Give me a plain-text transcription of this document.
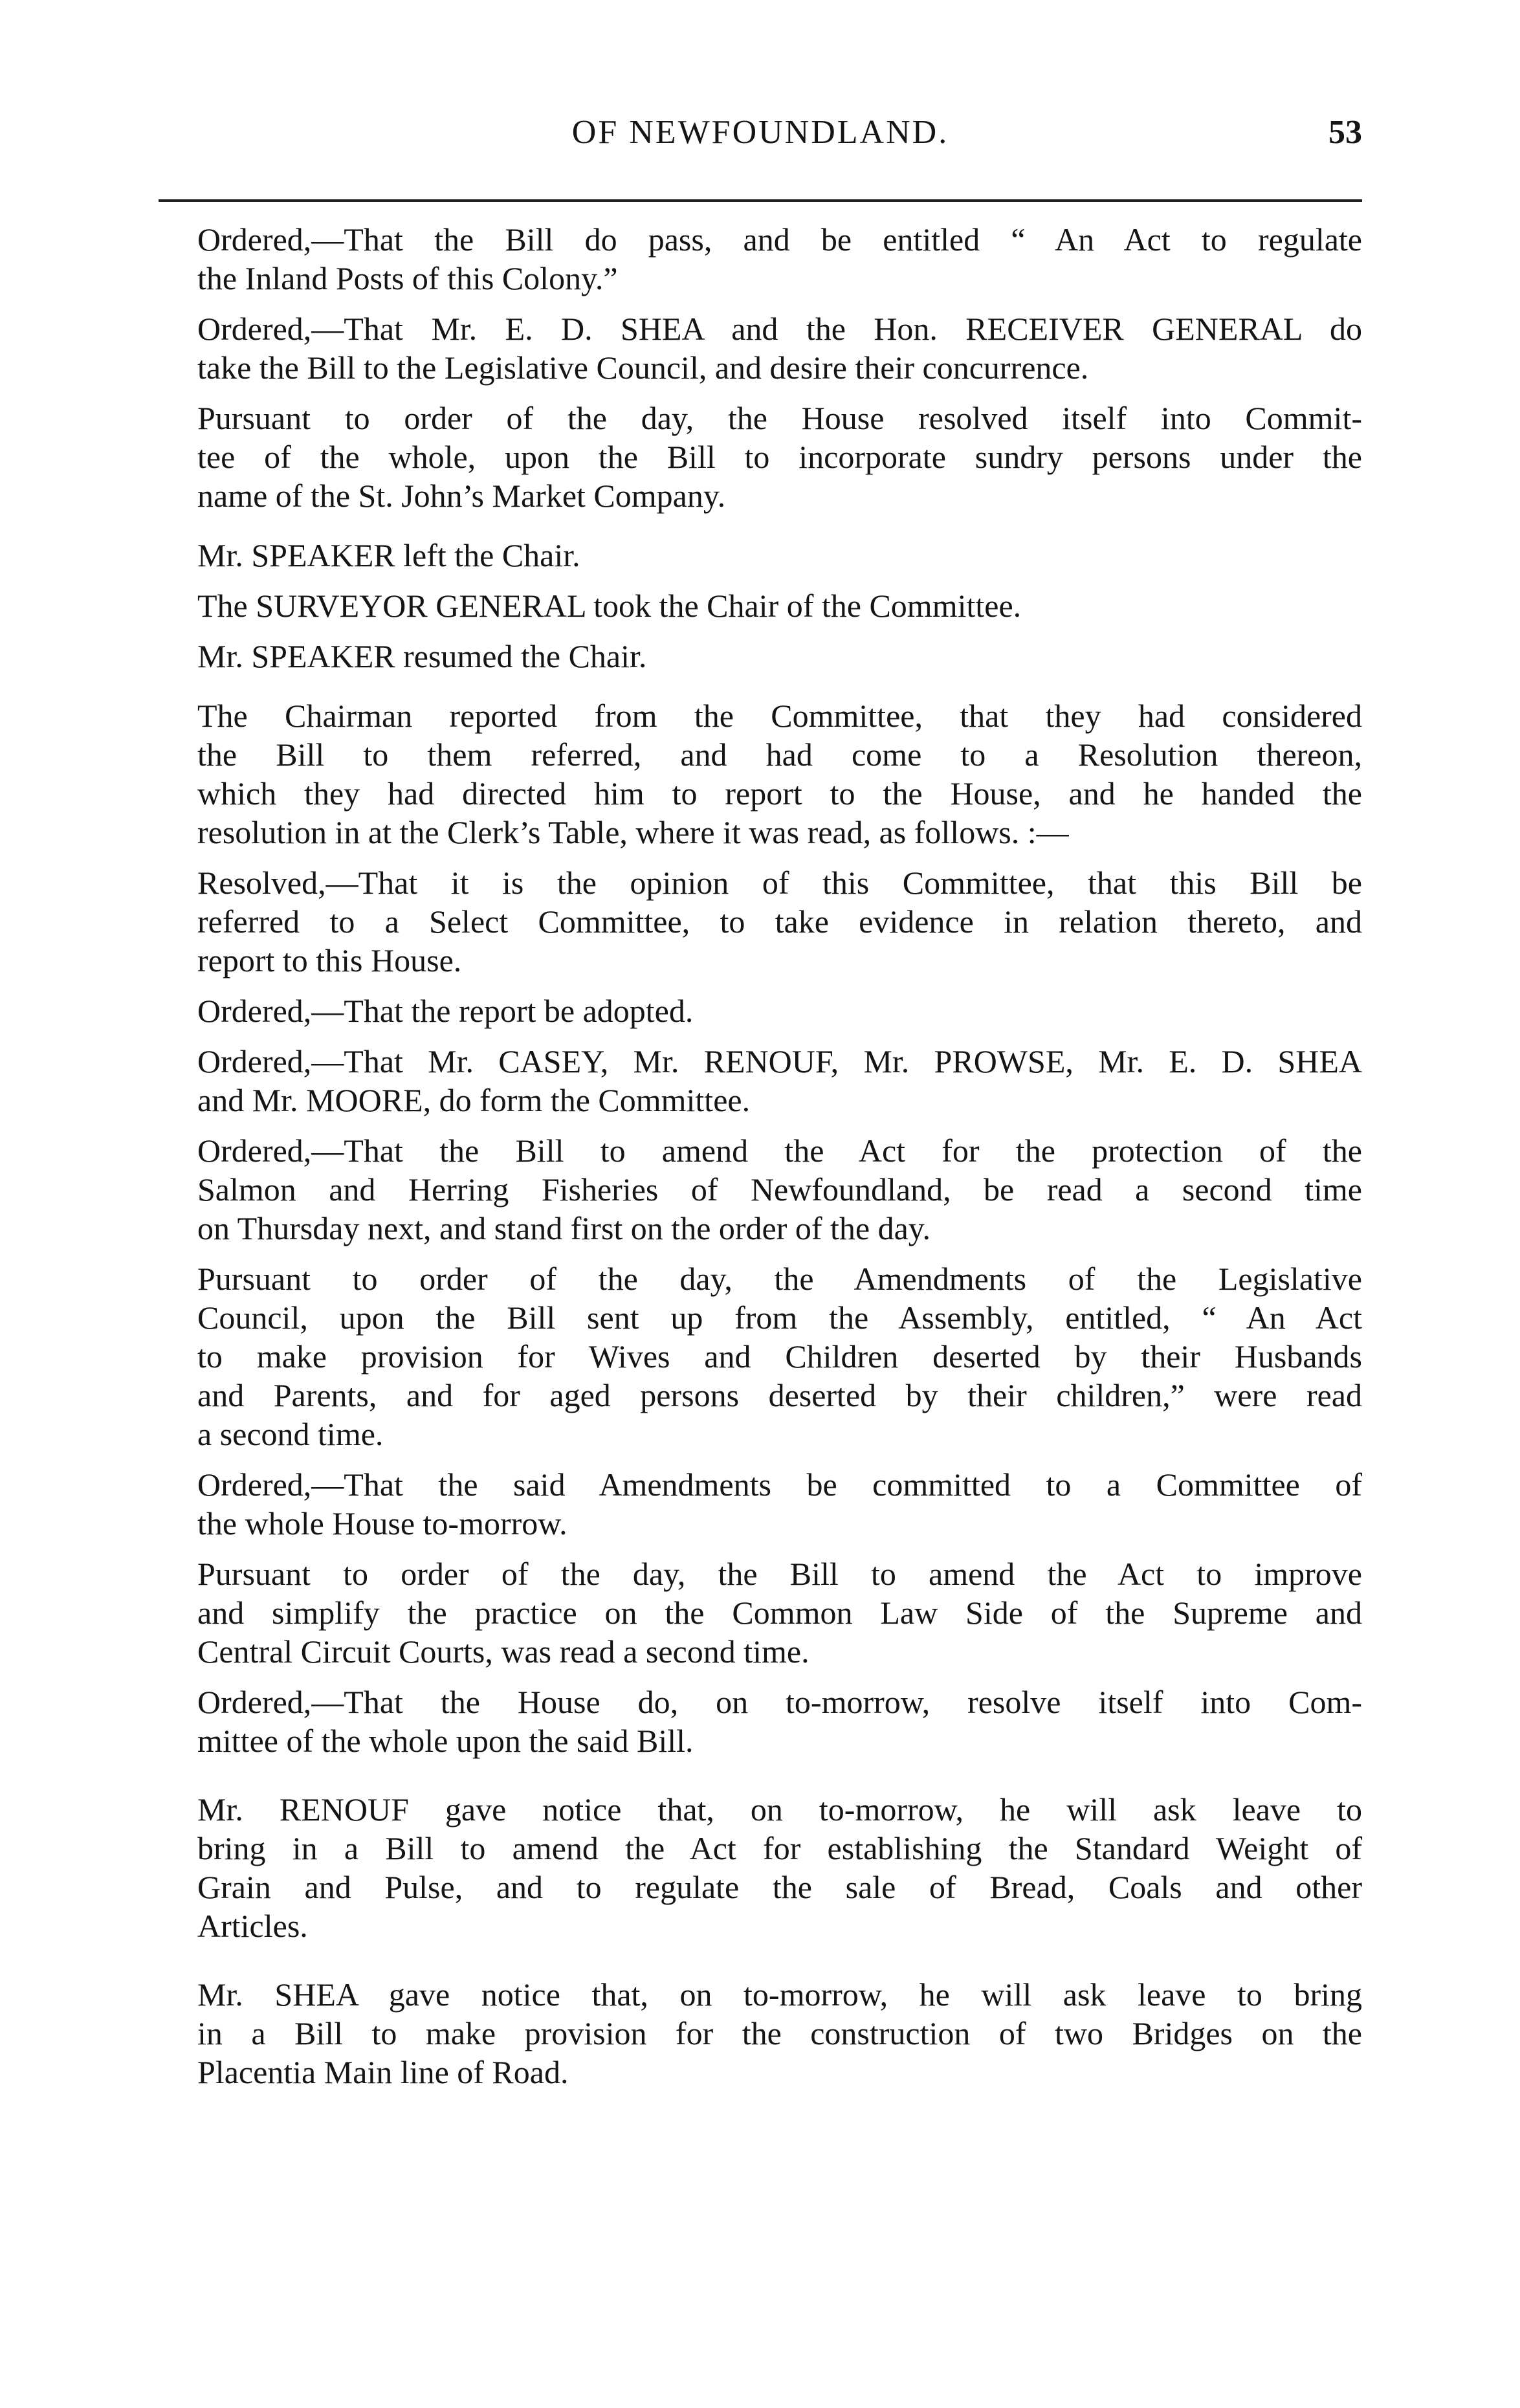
OF NEWFOUNDLAND.	53

Ordered,—That the Bill do pass, and be entitled “ An Act to regulate
the Inland Posts of this Colony.”

Ordered,—That Mr. E. D. SHEA and the Hon. RECEIVER GENERAL do
take the Bill to the Legislative Council, and desire their concurrence.

Pursuant to order of the day, the House resolved itself into Commit-
tee of the whole, upon the Bill to incorporate sundry persons under the
name of the St. John’s Market Company.

Mr. SPEAKER left the Chair.

The SURVEYOR GENERAL took the Chair of the Committee.

Mr. SPEAKER resumed the Chair.

The Chairman reported from the Committee, that they had considered
the Bill to them referred, and had come to a Resolution thereon,
which they had directed him to report to the House, and he handed the
resolution in at the Clerk’s Table, where it was read, as follows. :—

Resolved,—That it is the opinion of this Committee, that this Bill be
referred to a Select Committee, to take evidence in relation thereto, and
report to this House.

Ordered,—That the report be adopted.

Ordered,—That Mr. CASEY, Mr. RENOUF, Mr. PROWSE, Mr. E. D. SHEA
and Mr. MOORE, do form the Committee.

Ordered,—That the Bill to amend the Act for the protection of the
Salmon and Herring Fisheries of Newfoundland, be read a second time
on Thursday next, and stand first on the order of the day.

Pursuant to order of the day, the Amendments of the Legislative
Council, upon the Bill sent up from the Assembly, entitled, “ An Act
to make provision for Wives and Children deserted by their Husbands
and Parents, and for aged persons deserted by their children,” were read
a second time.

Ordered,—That the said Amendments be committed to a Committee of
the whole House to-morrow.

Pursuant to order of the day, the Bill to amend the Act to improve
and simplify the practice on the Common Law Side of the Supreme and
Central Circuit Courts, was read a second time.

Ordered,—That the House do, on to-morrow, resolve itself into Com-
mittee of the whole upon the said Bill.

Mr. RENOUF gave notice that, on to-morrow, he will ask leave to
bring in a Bill to amend the Act for establishing the Standard Weight of
Grain and Pulse, and to regulate the sale of Bread, Coals and other
Articles.

Mr. SHEA gave notice that, on to-morrow, he will ask leave to bring
in a Bill to make provision for the construction of two Bridges on the
Placentia Main line of Road.
